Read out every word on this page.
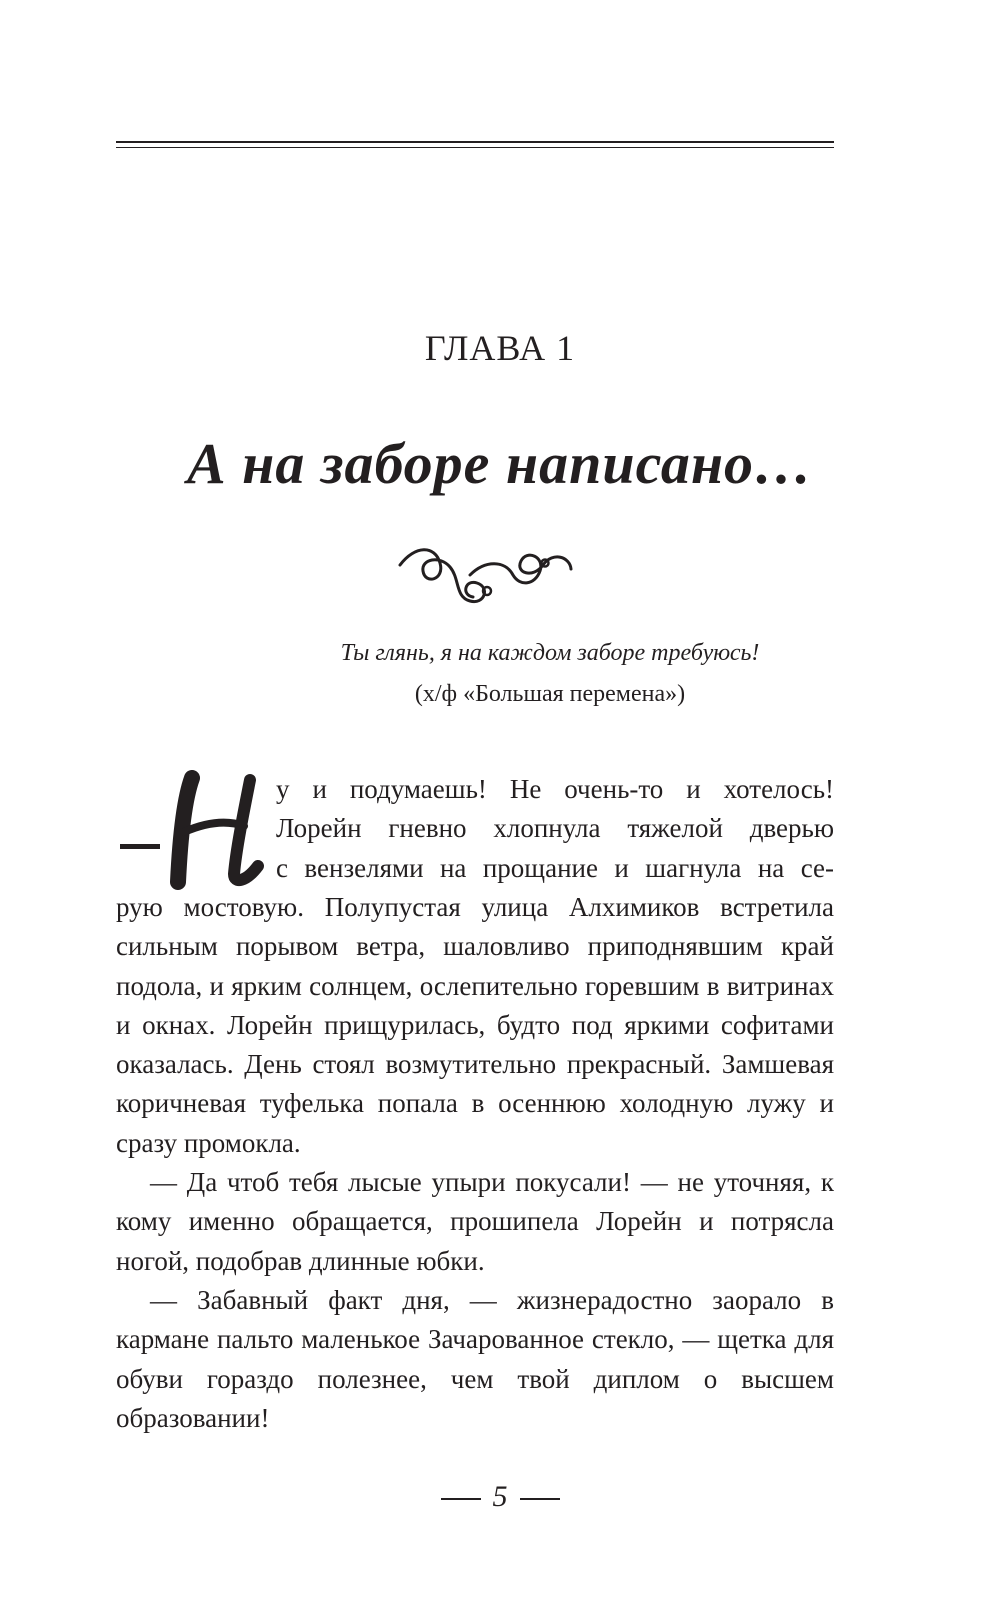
ГЛАВА 1
А на заборе написано…
Ты глянь, я на каждом заборе требуюсь!
(х/ф «Большая перемена»)
у и подумаешь! Не очень-то и хотелось!
Лорейн гневно хлопнула тяжелой дверью
с вензелями на прощание и шагнула на се-

рую мостовую. Полупустая улица Алхимиков встретила сильным порывом ветра, шаловливо приподнявшим край подола, и ярким солнцем, ослепительно горевшим в витринах и окнах. Лорейн прищурилась, будто под яркими софитами оказалась. День стоял возмутительно прекрасный. Замшевая коричневая туфелька попала в осеннюю холодную лужу и сразу промокла.

— Да чтоб тебя лысые упыри покусали! — не уточняя, к кому именно обращается, прошипела Лорейн и потрясла ногой, подобрав длинные юбки.

— Забавный факт дня, — жизнерадостно заорало в кармане пальто маленькое Зачарованное стекло, — щетка для обуви гораздо полезнее, чем твой диплом о высшем образовании!

5
